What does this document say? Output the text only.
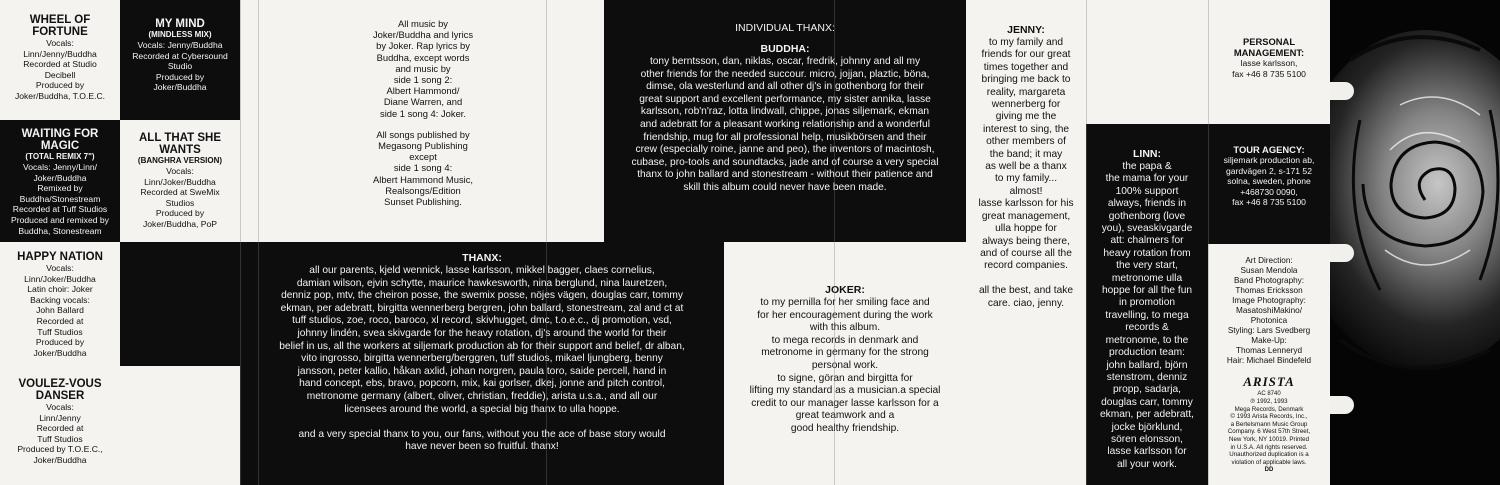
WHEEL OF FORTUNE
Vocals:
Linn/Jenny/Buddha
Recorded at Studio
Decibell
Produced by
Joker/Buddha, T.O.E.C.
MY MIND
(MINDLESS MIX)
Vocals: Jenny/Buddha
Recorded at Cybersound
Studio
Produced by
Joker/Buddha
WAITING FOR MAGIC
(TOTAL REMIX 7")
Vocals: Jenny/Linn/
Joker/Buddha
Remixed by
Buddha/Stonestream
Recorded at Tuff Studios
Produced and remixed by
Buddha, Stonestream
ALL THAT SHE WANTS
(BANGHRA VERSION)
Vocals:
Linn/Joker/Buddha
Recorded at SweMix
Studios
Produced by
Joker/Buddha, PoP
HAPPY NATION
Vocals:
Linn/Joker/Buddha
Latin choir: Joker
Backing vocals:
John Ballard
Recorded at
Tuff Studios
Produced by
Joker/Buddha
VOULEZ-VOUS DANSER
Vocals:
Linn/Jenny
Recorded at
Tuff Studios
Produced by T.O.E.C.,
Joker/Buddha
All music by
Joker/Buddha and lyrics
by Joker. Rap lyrics by
Buddha, except words
and music by
side 1 song 2:
Albert Hammond/
Diane Warren, and
side 1 song 4: Joker.
All songs published by
Megasong Publishing
except
side 1 song 4:
Albert Hammond Music,
Realsongs/Edition
Sunset Publishing.
THANX:
all our parents, kjeld wennick, lasse karlsson, mikkel bagger, claes cornelius,
damian wilson, ejvin schytte, maurice hawkesworth, nina berglund, nina lauretzen,
denniz pop, mtv, the cheiron posse, the swemix posse, nöjes vägen, douglas carr, tommy
ekman, per adebratt, birgitta wennerberg bergren, john ballard, stonestream, zal and ct at
tuff studios, zoe, roco, baroco, xl record, skivhugget, dmc, t.o.e.c., dj promotion, vsd,
johnny lindén, svea skivgarde for the heavy rotation, dj's around the world for their
belief in us, all the workers at siljemark production ab for their support and belief, dr alban,
vito ingrosso, birgitta wennerberg/berggren, tuff studios, mikael ljungberg, benny
jansson, peter kallio, håkan axlid, johan norgren, paula toro, saide percell, hand in
hand concept, ebs, bravo, popcorn, mix, kai gorlser, dkej, jonne and pitch control,
metronome germany (albert, oliver, christian, freddie), arista u.s.a., and all our
licensees around the world, a special big thanx to ulla hoppe.

and a very special thanx to you, our fans, without you the ace of base story would
have never been so fruitful. thanx!
INDIVIDUAL THANX:
BUDDHA:
tony berntsson, dan, niklas, oscar, fredrik, johnny and all my
other friends for the needed succour. micro, jojjan, plaztic, böna,
dimse, ola westerlund and all other dj's in gothenborg for their
great support and excellent performance, my sister annika, lasse
karlsson, rob'n'raz, lotta lindwall, chippe, jonas siljemark, ekman
and adebratt for a pleasant working relationship and a wonderful
friendship, mug for all professional help, musikbörsen and their
crew (especially roine, janne and peo), the inventors of macintosh,
cubase, pro-tools and soundtacks, jade and of course a very special
thanx to john ballard and stonestream - without their patience and
skill this album could never have been made.
JOKER:
to my pernilla for her smiling face and
for her encouragement during the work
with this album.
to mega records in denmark and
metronome in germany for the strong
personal work.
to signe, göran and birgitta for
lifting my standard as a musician.a special
credit to our manager lasse karlsson for a
great teamwork and a
good healthy friendship.
JENNY:
to my family and
friends for our great
times together and
bringing me back to
reality, margareta
wennerberg for
giving me the
interest to sing, the
other members of
the band; it may
as well be a thanx
to my family...
almost!
lasse karlsson for his
great management,
ulla hoppe for
always being there,
and of course all the
record companies.

all the best, and take
care. ciao, jenny.
LINN:
the papa &
the mama for your
100% support
always, friends in
gothenborg (love
you), sveaskivgarde
att: chalmers for
heavy rotation from
the very start,
metronome ulla
hoppe for all the fun
in promotion
travelling, to mega
records &
metronome, to the
production team:
john ballard, björn
stenstrom, denniz
propp, sadarja,
douglas carr, tommy
ekman, per adebratt,
jocke björklund,
sören elonsson,
lasse karlsson for
all your work.
PERSONAL MANAGEMENT:
lasse karlsson,
fax +46 8 735 5100
TOUR AGENCY:
siljemark production ab,
gardvägen 2, s-171 52
solna, sweden, phone
+468730 0090,
fax +46 8 735 5100
Art Direction:
Susan Mendola
Band Photography:
Thomas Ericksson
Image Photography:
MasatoshiMakino/
Photonica
Styling: Lars Svedberg
Make-Up:
Thomas Lenneryd
Hair: Michael Bindefeld
ARISTA
AC 8740
℗ 1992, 1993
Mega Records, Denmark
© 1993 Arista Records, Inc.,
a Bertelsmann Music Group
Company. 6 West 57th Street,
New York, NY 10019. Printed
in U.S.A. All rights reserved.
Unauthorized duplication is a
violation of applicable laws.
DD
